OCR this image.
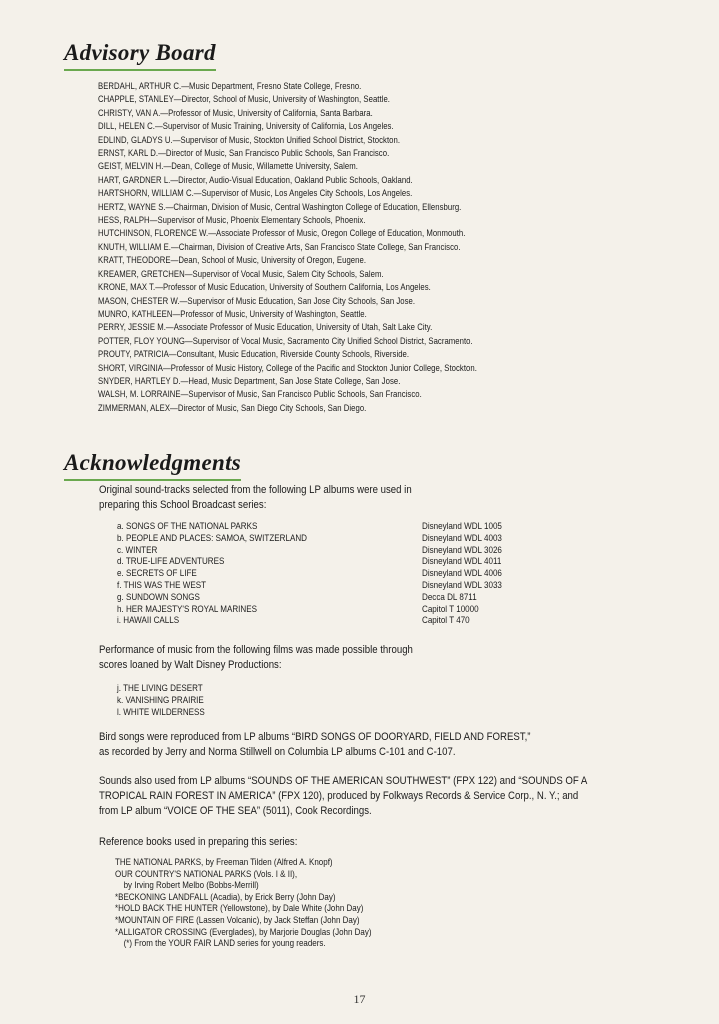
Advisory Board
BERDAHL, ARTHUR C.—Music Department, Fresno State College, Fresno.
CHAPPLE, STANLEY—Director, School of Music, University of Washington, Seattle.
CHRISTY, VAN A.—Professor of Music, University of California, Santa Barbara.
DILL, HELEN C.—Supervisor of Music Training, University of California, Los Angeles.
EDLIND, GLADYS U.—Supervisor of Music, Stockton Unified School District, Stockton.
ERNST, KARL D.—Director of Music, San Francisco Public Schools, San Francisco.
GEIST, MELVIN H.—Dean, College of Music, Willamette University, Salem.
HART, GARDNER L.—Director, Audio-Visual Education, Oakland Public Schools, Oakland.
HARTSHORN, WILLIAM C.—Supervisor of Music, Los Angeles City Schools, Los Angeles.
HERTZ, WAYNE S.—Chairman, Division of Music, Central Washington College of Education, Ellensburg.
HESS, RALPH—Supervisor of Music, Phoenix Elementary Schools, Phoenix.
HUTCHINSON, FLORENCE W.—Associate Professor of Music, Oregon College of Education, Monmouth.
KNUTH, WILLIAM E.—Chairman, Division of Creative Arts, San Francisco State College, San Francisco.
KRATT, THEODORE—Dean, School of Music, University of Oregon, Eugene.
KREAMER, GRETCHEN—Supervisor of Vocal Music, Salem City Schools, Salem.
KRONE, MAX T.—Professor of Music Education, University of Southern California, Los Angeles.
MASON, CHESTER W.—Supervisor of Music Education, San Jose City Schools, San Jose.
MUNRO, KATHLEEN—Professor of Music, University of Washington, Seattle.
PERRY, JESSIE M.—Associate Professor of Music Education, University of Utah, Salt Lake City.
POTTER, FLOY YOUNG—Supervisor of Vocal Music, Sacramento City Unified School District, Sacramento.
PROUTY, PATRICIA—Consultant, Music Education, Riverside County Schools, Riverside.
SHORT, VIRGINIA—Professor of Music History, College of the Pacific and Stockton Junior College, Stockton.
SNYDER, HARTLEY D.—Head, Music Department, San Jose State College, San Jose.
WALSH, M. LORRAINE—Supervisor of Music, San Francisco Public Schools, San Francisco.
ZIMMERMAN, ALEX—Director of Music, San Diego City Schools, San Diego.
Acknowledgments
Original sound-tracks selected from the following LP albums were used in
preparing this School Broadcast series:
a. SONGS OF THE NATIONAL PARKS	Disneyland WDL 1005
b. PEOPLE AND PLACES: SAMOA, SWITZERLAND	Disneyland WDL 4003
c. WINTER	Disneyland WDL 3026
d. TRUE-LIFE ADVENTURES	Disneyland WDL 4011
e. SECRETS OF LIFE	Disneyland WDL 4006
f. THIS WAS THE WEST	Disneyland WDL 3033
g. SUNDOWN SONGS	Decca DL 8711
h. HER MAJESTY'S ROYAL MARINES	Capitol T 10000
i. HAWAII CALLS	Capitol T 470
Performance of music from the following films was made possible through
scores loaned by Walt Disney Productions:
j. THE LIVING DESERT
k. VANISHING PRAIRIE
l. WHITE WILDERNESS
Bird songs were reproduced from LP albums “BIRD SONGS OF DOORYARD, FIELD AND FOREST,”
as recorded by Jerry and Norma Stillwell on Columbia LP albums C-101 and C-107.
Sounds also used from LP albums “SOUNDS OF THE AMERICAN SOUTHWEST” (FPX 122) and “SOUNDS OF A
TROPICAL RAIN FOREST IN AMERICA” (FPX 120), produced by Folkways Records & Service Corp., N. Y.; and
from LP album “VOICE OF THE SEA” (5011), Cook Recordings.
Reference books used in preparing this series:
THE NATIONAL PARKS, by Freeman Tilden (Alfred A. Knopf)
OUR COUNTRY'S NATIONAL PARKS (Vols. I & II),
by Irving Robert Melbo (Bobbs-Merrill)
*BECKONING LANDFALL (Acadia), by Erick Berry (John Day)
*HOLD BACK THE HUNTER (Yellowstone), by Dale White (John Day)
*MOUNTAIN OF FIRE (Lassen Volcanic), by Jack Steffan (John Day)
*ALLIGATOR CROSSING (Everglades), by Marjorie Douglas (John Day)
(*) From the YOUR FAIR LAND series for young readers.
17
